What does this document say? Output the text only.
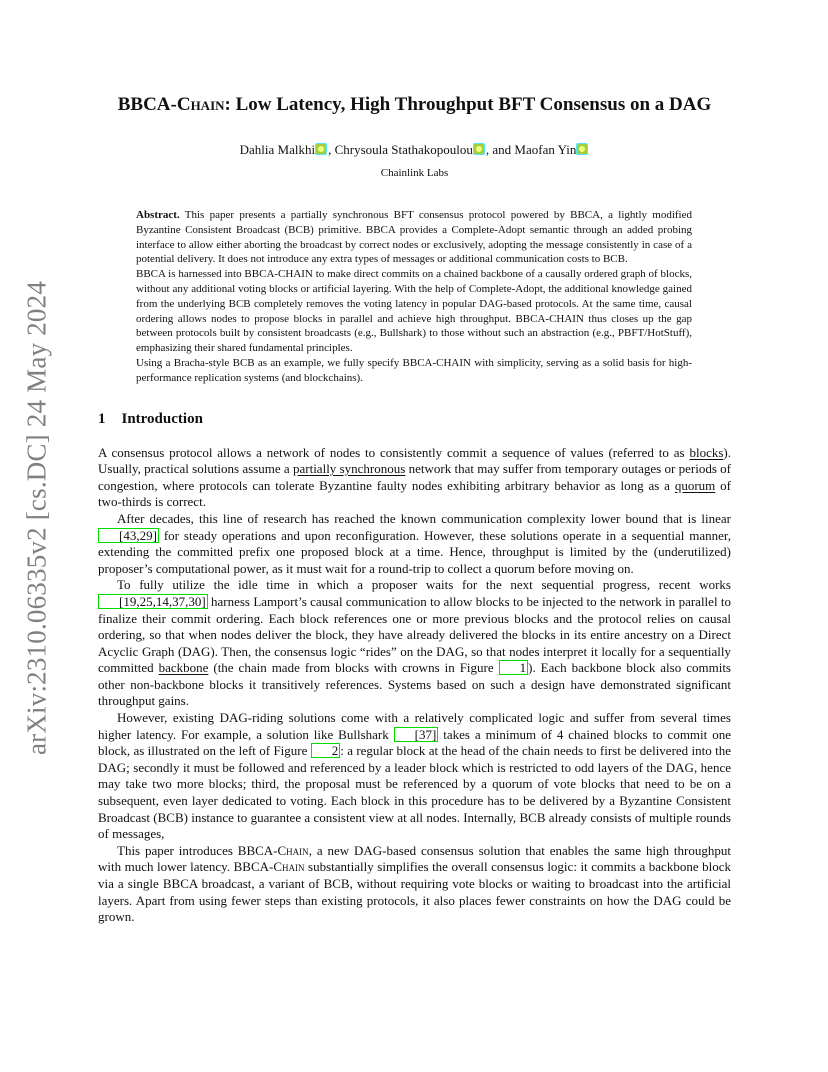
arXiv:2310.06335v2 [cs.DC] 24 May 2024
BBCA-Chain: Low Latency, High Throughput BFT Consensus on a DAG
Dahlia Malkhi , Chrysoula Stathakopoulou , and Maofan Yin
Chainlink Labs

Abstract. This paper presents a partially synchronous BFT consensus protocol powered by BBCA, a lightly modified Byzantine Consistent Broadcast (BCB) primitive. BBCA provides a Complete-Adopt semantic through an added probing interface to allow either aborting the broadcast by correct nodes or exclusively, adopting the message consistently in case of a potential delivery. It does not introduce any extra types of messages or additional communication costs to BCB.

BBCA is harnessed into BBCA-CHAIN to make direct commits on a chained backbone of a causally ordered graph of blocks, without any additional voting blocks or artificial layering. With the help of Complete-Adopt, the additional knowledge gained from the underlying BCB completely removes the voting latency in popular DAG-based protocols. At the same time, causal ordering allows nodes to propose blocks in parallel and achieve high throughput. BBCA-CHAIN thus closes up the gap between protocols built by consistent broadcasts (e.g., Bullshark) to those without such an abstraction (e.g., PBFT/HotStuff), emphasizing their shared fundamental principles.

Using a Bracha-style BCB as an example, we fully specify BBCA-CHAIN with simplicity, serving as a solid basis for high-performance replication systems (and blockchains).

1 Introduction

A consensus protocol allows a network of nodes to consistently commit a sequence of values (referred to as blocks). Usually, practical solutions assume a partially synchronous network that may suffer from temporary outages or periods of congestion, where protocols can tolerate Byzantine faulty nodes exhibiting arbitrary behavior as long as a quorum of two-thirds is correct.

After decades, this line of research has reached the known communication complexity lower bound that is linear [43,29] for steady operations and upon reconfiguration. However, these solutions operate in a sequential manner, extending the committed prefix one proposed block at a time. Hence, throughput is limited by the (underutilized) proposer’s computational power, as it must wait for a round-trip to collect a quorum before moving on.

To fully utilize the idle time in which a proposer waits for the next sequential progress, recent works [19,25,14,37,30] harness Lamport’s causal communication to allow blocks to be injected to the network in parallel to finalize their commit ordering. Each block references one or more previous blocks and the protocol relies on causal ordering, so that when nodes deliver the block, they have already delivered the blocks in its entire ancestry on a Direct Acyclic Graph (DAG). Then, the consensus logic “rides” on the DAG, so that nodes interpret it locally for a sequentially committed backbone (the chain made from blocks with crowns in Figure 1 ). Each backbone block also commits other non-backbone blocks it transitively references. Systems based on such a design have demonstrated significant throughput gains.

However, existing DAG-riding solutions come with a relatively complicated logic and suffer from several times higher latency. For example, a solution like Bullshark [37] takes a minimum of 4 chained blocks to commit one block, as illustrated on the left of Figure 2 : a regular block at the head of the chain needs to first be delivered into the DAG; secondly it must be followed and referenced by a leader block which is restricted to odd layers of the DAG, hence may take two more blocks; third, the proposal must be referenced by a quorum of vote blocks that need to be on a subsequent, even layer dedicated to voting. Each block in this procedure has to be delivered by a Byzantine Consistent Broadcast (BCB) instance to guarantee a consistent view at all nodes. Internally, BCB already consists of multiple rounds of messages,

This paper introduces BBCA-Chain, a new DAG-based consensus solution that enables the same high throughput with much lower latency. BBCA-Chain substantially simplifies the overall consensus logic: it commits a backbone block via a single BBCA broadcast, a variant of BCB, without requiring vote blocks or waiting to broadcast into the artificial layers. Apart from using fewer steps than existing protocols, it also places fewer constraints on how the DAG could be grown.
